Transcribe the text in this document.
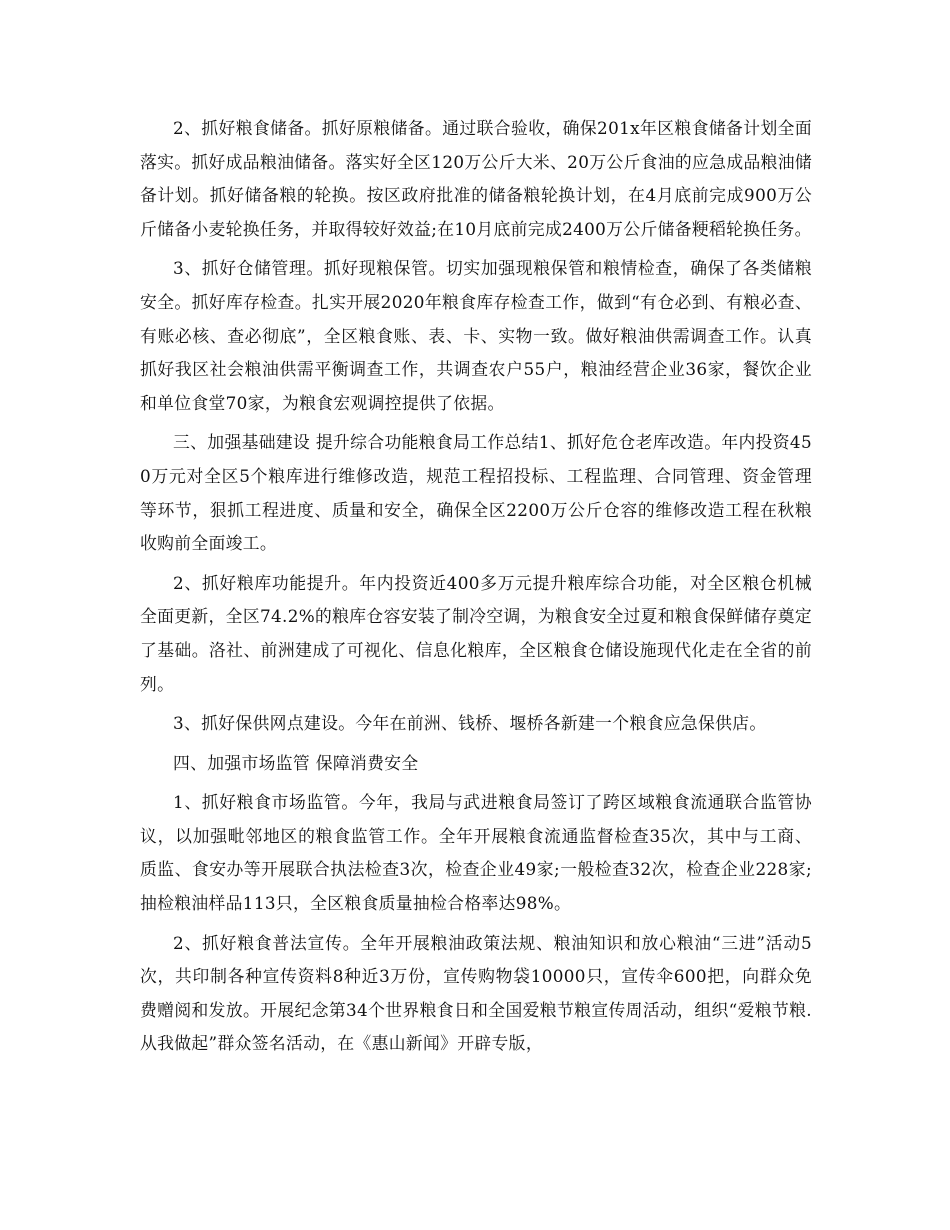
2、抓好粮食储备。抓好原粮储备。通过联合验收，确保201x年区粮食储备计划全面落实。抓好成品粮油储备。落实好全区120万公斤大米、20万公斤食油的应急成品粮油储备计划。抓好储备粮的轮换。按区政府批准的储备粮轮换计划，在4月底前完成900万公斤储备小麦轮换任务，并取得较好效益;在10月底前完成2400万公斤储备粳稻轮换任务。

3、抓好仓储管理。抓好现粮保管。切实加强现粮保管和粮情检查，确保了各类储粮安全。抓好库存检查。扎实开展2020年粮食库存检查工作，做到“有仓必到、有粮必查、有账必核、查必彻底”，全区粮食账、表、卡、实物一致。做好粮油供需调查工作。认真抓好我区社会粮油供需平衡调查工作，共调查农户55户，粮油经营企业36家，餐饮企业和单位食堂70家，为粮食宏观调控提供了依据。

三、加强基础建设 提升综合功能粮食局工作总结1、抓好危仓老库改造。年内投资450万元对全区5个粮库进行维修改造，规范工程招投标、工程监理、合同管理、资金管理等环节，狠抓工程进度、质量和安全，确保全区2200万公斤仓容的维修改造工程在秋粮收购前全面竣工。

2、抓好粮库功能提升。年内投资近400多万元提升粮库综合功能，对全区粮仓机械全面更新，全区74.2%的粮库仓容安装了制冷空调，为粮食安全过夏和粮食保鲜储存奠定了基础。洛社、前洲建成了可视化、信息化粮库，全区粮食仓储设施现代化走在全省的前列。

3、抓好保供网点建设。今年在前洲、钱桥、堰桥各新建一个粮食应急保供店。

四、加强市场监管 保障消费安全

1、抓好粮食市场监管。今年，我局与武进粮食局签订了跨区域粮食流通联合监管协议，以加强毗邻地区的粮食监管工作。全年开展粮食流通监督检查35次，其中与工商、质监、食安办等开展联合执法检查3次，检查企业49家;一般检查32次，检查企业228家;抽检粮油样品113只，全区粮食质量抽检合格率达98%。

2、抓好粮食普法宣传。全年开展粮油政策法规、粮油知识和放心粮油“三进”活动5次，共印制各种宣传资料8种近3万份，宣传购物袋10000只，宣传伞600把，向群众免费赠阅和发放。开展纪念第34个世界粮食日和全国爱粮节粮宣传周活动，组织“爱粮节粮.从我做起”群众签名活动，在《惠山新闻》开辟专版，
